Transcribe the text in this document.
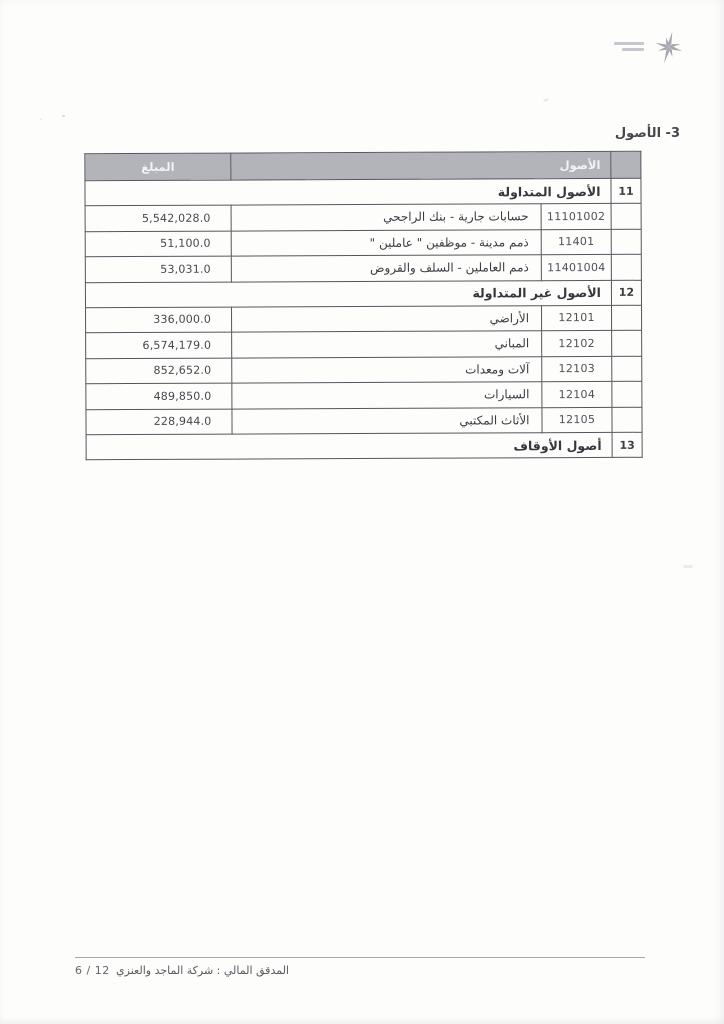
3- الأصول
	الأصول		المبلغ
11	الأصول المتداولة		
	11101002	حسابات جارية - بنك الراجحي	5,542,028.0
	11401	ذمم مدينة - موظفين " عاملين "	51,100.0
	11401004	ذمم العاملين - السلف والقروض	53,031.0
12	الأصول غير المتداولة		
	12101	الأراضي	336,000.0
	12102	المباني	6,574,179.0
	12103	آلات ومعدات	852,652.0
	12104	السيارات	489,850.0
	12105	الأثاث المكتبي	228,944.0
13	أصول الأوقاف		
المدقق المالي : شركة الماجد والعنزي
6 / 12
